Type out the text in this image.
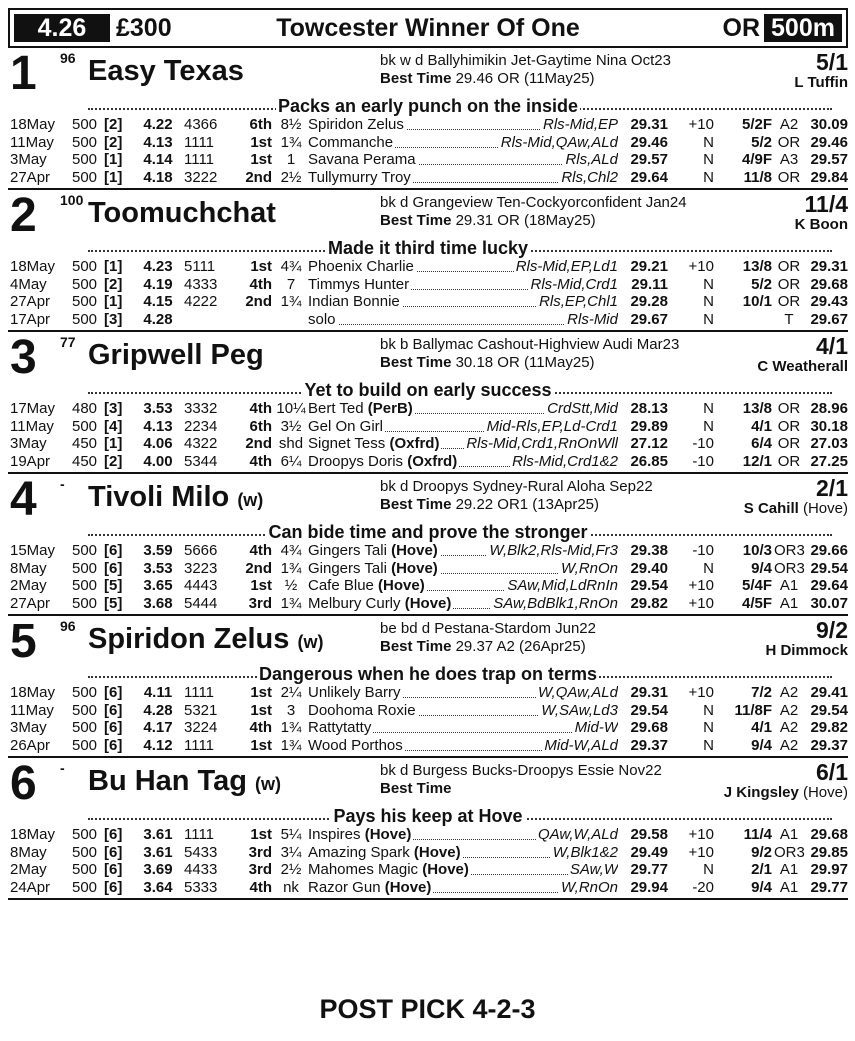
Towcester Winner Of One
4.26	£300	OR 500m
1 96 Easy Texas	bk w d Ballyhimikin Jet-Gaytime Nina Oct23
Best Time 29.46 OR (11May25)
5/1
L Tuffin
Packs an early punch on the inside
18May 500 [2]	4.22 4366	6th 8½ Spiridon Zelus	Rls-Mid,EP 29.31	+10	5/2F A2 30.09
11May 500 [2]	4.13 1111	1st 1¾ Commanche	Rls-Mid,QAw,ALd 29.46	N	5/2 OR 29.46
3May 500 [1]	4.14 1111	1st 1 Savana Perama	Rls,ALd 29.57	N	4/9F A3 29.57
27Apr 500 [1]	4.18 3222	2nd 2½ Tullymurry Troy	Rls,Chl2 29.64	N	11/8 OR 29.84
2 100 Toomuchchat	bk d Grangeview Ten-Cockyorconfident Jan24
Best Time 29.31 OR (18May25)
11/4
K Boon
Made it third time lucky
18May 500 [1]	4.23 5111	1st 4¾ Phoenix Charlie	Rls-Mid,EP,Ld1 29.21	+10	13/8 OR 29.31
4May 500 [2]	4.19 4333	4th 7 Timmys Hunter	Rls-Mid,Crd1 29.11	N	5/2 OR 29.68
27Apr 500 [1]	4.15 4222	2nd 1¾ Indian Bonnie	Rls,EP,Chl1 29.28	N	10/1 OR 29.43
17Apr 500 [3]	4.28	solo	Rls-Mid 29.67	N	T	29.67
3 77 Gripwell Peg	bk b Ballymac Cashout-Highview Audi Mar23
Best Time 30.18 OR (11May25)
4/1
C Weatherall
Yet to build on early success
17May 480 [3]	3.53 3332	4th 10¼ Bert Ted (PerB)	CrdStt,Mid 28.13	N	13/8 OR 28.96
11May 500 [4]	4.13 2234	6th 3½ Gel On Girl	Mid-Rls,EP,Ld-Crd1 29.89	N	4/1 OR 30.18
3May 450 [1]	4.06 4322	2nd shd Signet Tess (Oxfrd) Rls-Mid,Crd1,RnOnWll 27.12	-10	6/4 OR 27.03
19Apr 450 [2]	4.00 5344	4th 6¼ Droopys Doris (Oxfrd)	Rls-Mid,Crd1&2 26.85	-10	12/1 OR 27.25
4 - Tivoli Milo (w)
bk d Droopys Sydney-Rural Aloha Sep22
Best Time 29.22 OR1 (13Apr25)
2/1
S Cahill (Hove)
Can bide time and prove the stronger
15May 500 [6]	3.59 5666	4th 4¾ Gingers Tali (Hove)	W,Blk2,Rls-Mid,Fr3 29.38	-10	10/3 OR3 29.66
8May 500 [6]	3.53 3223	2nd 1¾ Gingers Tali (Hove)	W,RnOn 29.40	N	9/4 OR3 29.54
2May 500 [5]	3.65 4443	1st ½ Cafe Blue (Hove)	SAw,Mid,LdRnIn 29.54	+10	5/4F A1 29.64
27Apr 500 [5]	3.68 5444	3rd 1¾ Melbury Curly (Hove)	SAw,BdBlk1,RnOn 29.82	+10	4/5F A1 30.07
5 96 Spiridon Zelus (w)
be bd d Pestana-Stardom Jun22
Best Time 29.37 A2 (26Apr25)
9/2
H Dimmock
Dangerous when he does trap on terms
18May 500 [6]	4.11 1111	1st 2¼ Unlikely Barry	W,QAw,ALd 29.31	+10	7/2 A2 29.41
11May 500 [6]	4.28 5321	1st 3 Doohoma Roxie	W,SAw,Ld3 29.54	N	11/8F A2 29.54
3May 500 [6]	4.17 3224	4th 1¾ Rattytatty	Mid-W 29.68	N	4/1 A2 29.82
26Apr 500 [6]	4.12 1111	1st 1¾ Wood Porthos	Mid-W,ALd 29.37	N	9/4 A2 29.37
6 - Bu Han Tag (w)
bk d Burgess Bucks-Droopys Essie Nov22
Best Time
6/1
J Kingsley (Hove)
Pays his keep at Hove
18May 500 [6]	3.61 1111	1st 5¼ Inspires (Hove)	QAw,W,ALd 29.58	+10	11/4 A1 29.68
8May 500 [6]	3.61 5433	3rd 3¼ Amazing Spark (Hove)	W,Blk1&2 29.49	+10	9/2 OR3 29.85
2May 500 [6]	3.69 4433	3rd 2½ Mahomes Magic (Hove)	SAw,W 29.77	N	2/1 A1 29.97
24Apr 500 [6]	3.64 5333	4th nk Razor Gun (Hove)	W,RnOn 29.94	-20	9/4 A1 29.77
POST PICK 4-2-3
